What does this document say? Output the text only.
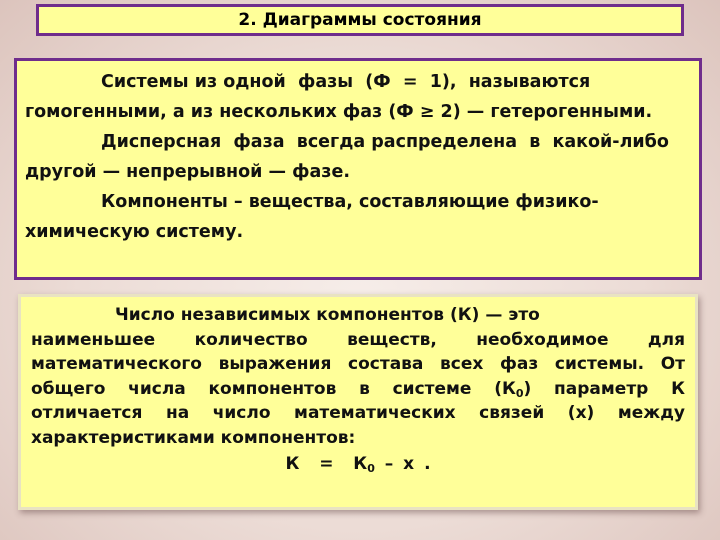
2. Диаграммы состояния

Системы из одной  фазы  (Ф  =  1),  называются

гомогенными, а из нескольких фаз (Ф ≥ 2) — гетерогенными.

Дисперсная  фаза  всегда распределена  в  какой-либо

другой — непрерывной — фазе.

Компоненты – вещества, составляющие физико-

химическую систему.

Число независимых компонентов (К) — это

наименьшее количество веществ, необходимое для

математического выражения состава всех фаз системы. От

общего числа компонентов в системе $(К_0)$ параметр К

отличается на число математических связей (х) между

характеристиками компонентов:

$К = К_0 - х$ .
